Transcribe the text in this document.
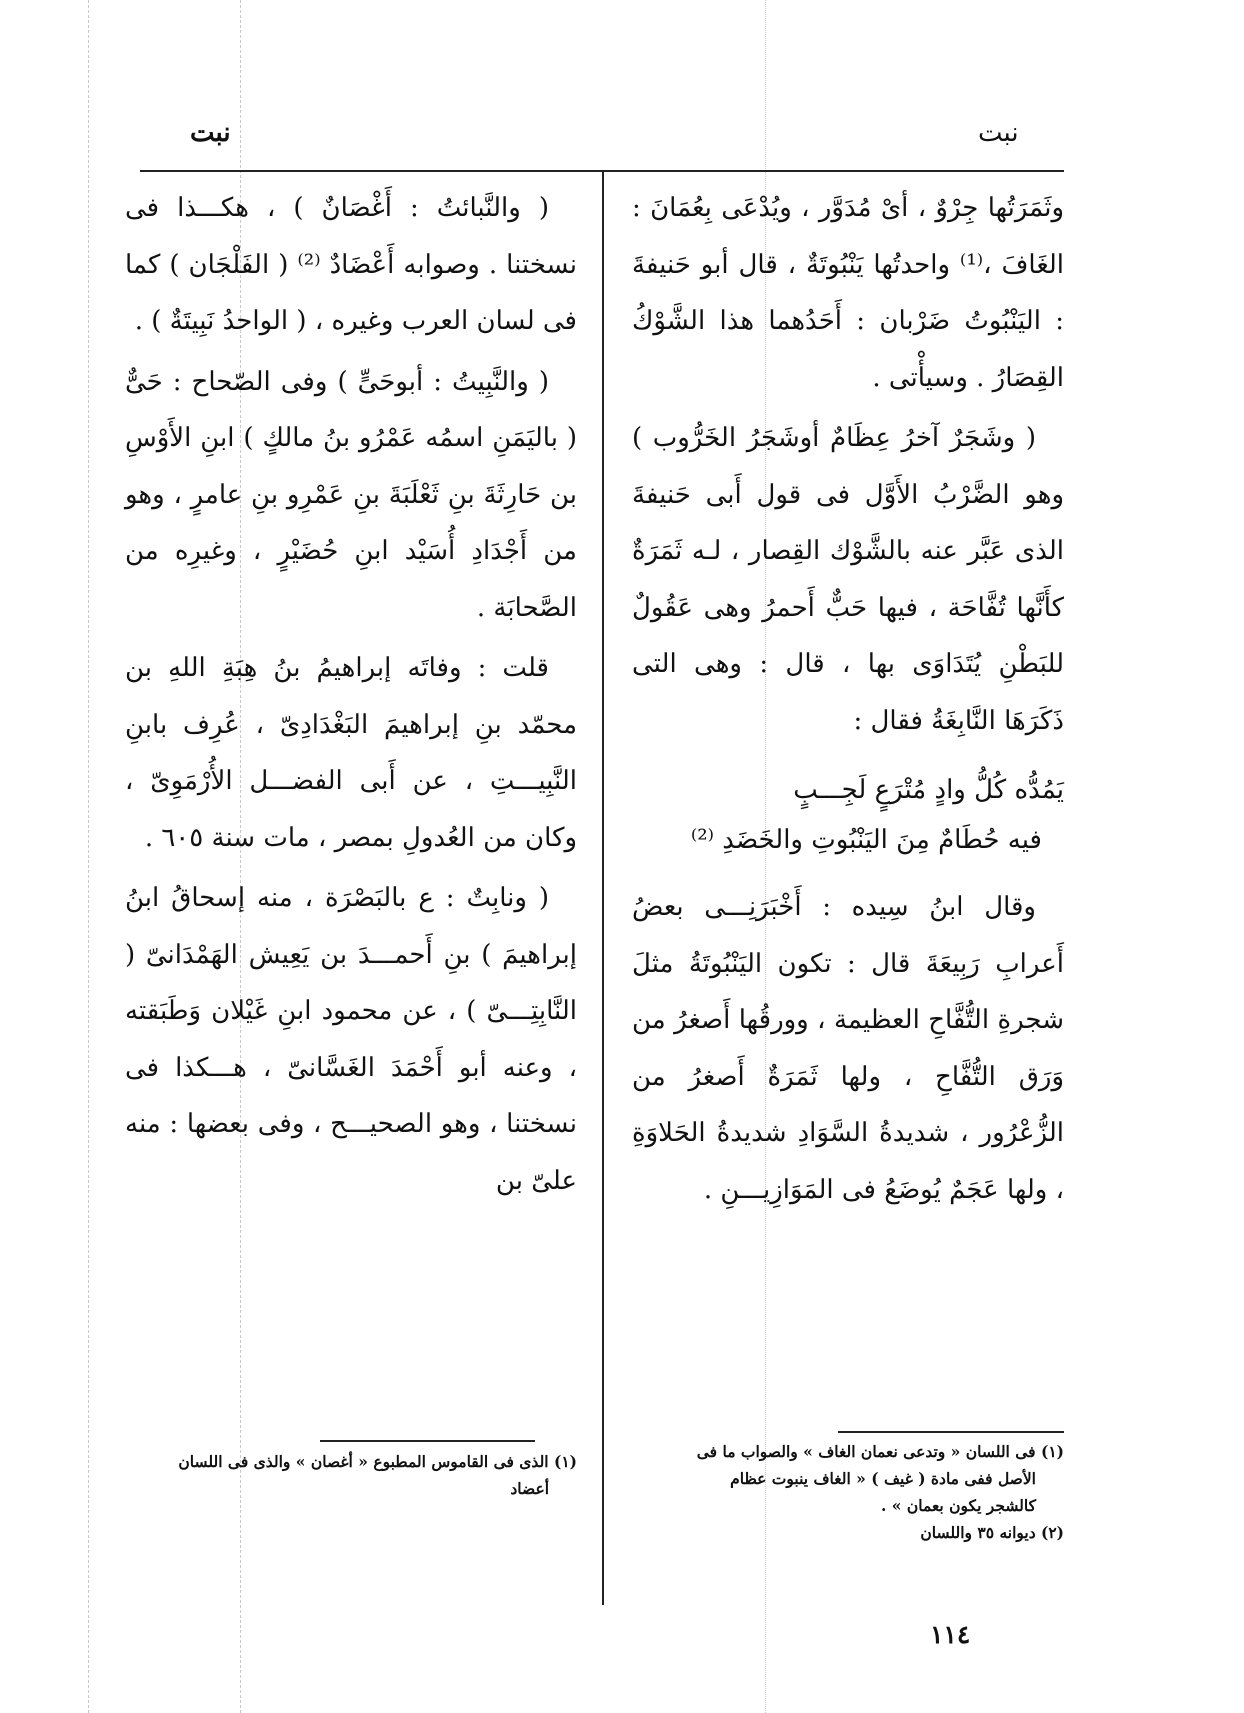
نبت	نبت

وثَمَرَتُها جِرْوٌ ، أىْ مُدَوَّر ، ويُدْعَى بِعُمَانَ : الغَافَ ،⁽¹⁾ واحدتُها يَنْبُوتَةٌ ، قال أبو حَنيفةَ : اليَنْبُوتُ ضَرْبان : أَحَدُهما هذا الشَّوْكُ القِصَارُ . وسيأْتى .

( وشَجَرٌ آخرُ عِظَامٌ أوشَجَرُ الخَرُّوب ) وهو الضَّرْبُ الأَوَّل فى قول أَبى حَنيفةَ الذى عَبَّر عنه بالشَّوْك القِصار ، لـه ثَمَرَةٌ كأَنَّها تُفَّاحَة ، فيها حَبٌّ أَحمرُ وهى عَقُولٌ للبَطْنِ يُتَدَاوَى بها ، قال : وهى التى ذَكَرَهَا النَّابِغَةُ فقال :

يَمُدُّه كُلُّ وادٍ مُتْرَعٍ لَجِـــبٍ
فيه حُطَامٌ مِنَ اليَنْبُوتِ والخَضَدِ ⁽²⁾

وقال ابنُ سِيده : أَخْبَرَنِـــى بعضُ أَعرابِ رَبِيعَةَ قال : تكون اليَنْبُوتَةُ مثلَ شجرةِ التُّفَّاحِ العظيمة ، وورقُها أَصغرُ من وَرَق التُّفَّاحِ ، ولها ثَمَرَةٌ أَصغرُ من الزُّعْرُور ، شديدةُ السَّوَادِ شديدةُ الحَلاوَةِ ، ولها عَجَمٌ يُوضَعُ فى المَوَازِيـــنِ .

( والنَّبائتُ : أَغْصَانٌ ) ، هكـــذا فى نسختنا . وصوابه أَعْضَادٌ ⁽²⁾ ( الفَلْجَان ) كما فى لسان العرب وغيره ، ( الواحدُ نَبِيتَةٌ ) .

( والنَّبِيتُ : أبوحَىٍّ ) وفى الصّحاح : حَىٌّ ( باليَمَنِ اسمُه عَمْرُو بنُ مالكٍ ) ابنِ الأَوْسِ بن حَارِثَةَ بنِ ثَعْلَبَةَ بنِ عَمْرِو بنِ عامرٍ ، وهو من أَجْدَادِ أُسَيْد ابنِ حُضَيْرٍ ، وغيرِه من الصَّحابَة .

قلت : وفاتَه إبراهيمُ بنُ هِبَةِ اللهِ بن محمّد بنِ إبراهيمَ البَغْدَادِىّ ، عُرِف بابنِ النَّبِيـــتِ ، عن أَبى الفضـــل الأُرْمَوِىّ ، وكان من العُدولِ بمصر ، مات سنة ٦٠٥ .

( ونابِتٌ : ع بالبَصْرَة ، منه إسحاقُ ابنُ إبراهيمَ ) بنِ أَحمـــدَ بن يَعِيش الهَمْدَانىّ ( النَّابِتِـــىّ ) ، عن محمود ابنِ غَيْلان وَطَبَقته ، وعنه أبو أَحْمَدَ الغَسَّانىّ ، هـــكذا فى نسختنا ، وهو الصحيـــح ، وفى بعضها : منه علىّ بن

(١) فى اللسان « وتدعى نعمان الغاف » والصواب ما فى
الأصل ففى مادة ( غيف ) « الغاف ينبوت عظام
كالشجر يكون بعمان » .
(٢) ديوانه ٣٥ واللسان
(١) الذى فى القاموس المطبوع « أغصان » والذى فى اللسان
أعضاد
١١٤
